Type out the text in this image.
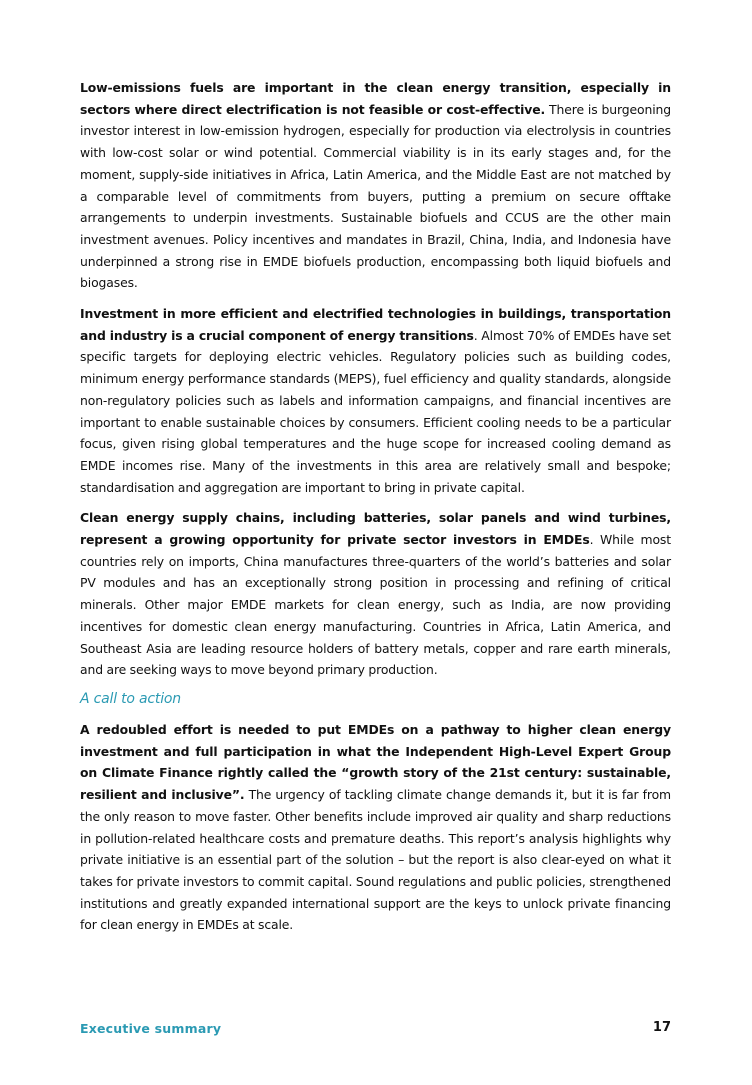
Low-emissions fuels are important in the clean energy transition, especially in sectors where direct electrification is not feasible or cost-effective. There is burgeoning investor interest in low-emission hydrogen, especially for production via electrolysis in countries with low-cost solar or wind potential. Commercial viability is in its early stages and, for the moment, supply-side initiatives in Africa, Latin America, and the Middle East are not matched by a comparable level of commitments from buyers, putting a premium on secure offtake arrangements to underpin investments. Sustainable biofuels and CCUS are the other main investment avenues. Policy incentives and mandates in Brazil, China, India, and Indonesia have underpinned a strong rise in EMDE biofuels production, encompassing both liquid biofuels and biogases.

Investment in more efficient and electrified technologies in buildings, transportation and industry is a crucial component of energy transitions. Almost 70% of EMDEs have set specific targets for deploying electric vehicles. Regulatory policies such as building codes, minimum energy performance standards (MEPS), fuel efficiency and quality standards, alongside non-regulatory policies such as labels and information campaigns, and financial incentives are important to enable sustainable choices by consumers. Efficient cooling needs to be a particular focus, given rising global temperatures and the huge scope for increased cooling demand as EMDE incomes rise. Many of the investments in this area are relatively small and bespoke; standardisation and aggregation are important to bring in private capital.

Clean energy supply chains, including batteries, solar panels and wind turbines, represent a growing opportunity for private sector investors in EMDEs. While most countries rely on imports, China manufactures three-quarters of the world’s batteries and solar PV modules and has an exceptionally strong position in processing and refining of critical minerals. Other major EMDE markets for clean energy, such as India, are now providing incentives for domestic clean energy manufacturing. Countries in Africa, Latin America, and Southeast Asia are leading resource holders of battery metals, copper and rare earth minerals, and are seeking ways to move beyond primary production.

A call to action

A redoubled effort is needed to put EMDEs on a pathway to higher clean energy investment and full participation in what the Independent High-Level Expert Group on Climate Finance rightly called the “growth story of the 21st century: sustainable, resilient and inclusive”. The urgency of tackling climate change demands it, but it is far from the only reason to move faster. Other benefits include improved air quality and sharp reductions in pollution-related healthcare costs and premature deaths. This report’s analysis highlights why private initiative is an essential part of the solution – but the report is also clear-eyed on what it takes for private investors to commit capital. Sound regulations and public policies, strengthened institutions and greatly expanded international support are the keys to unlock private financing for clean energy in EMDEs at scale.

Executive summary	17
